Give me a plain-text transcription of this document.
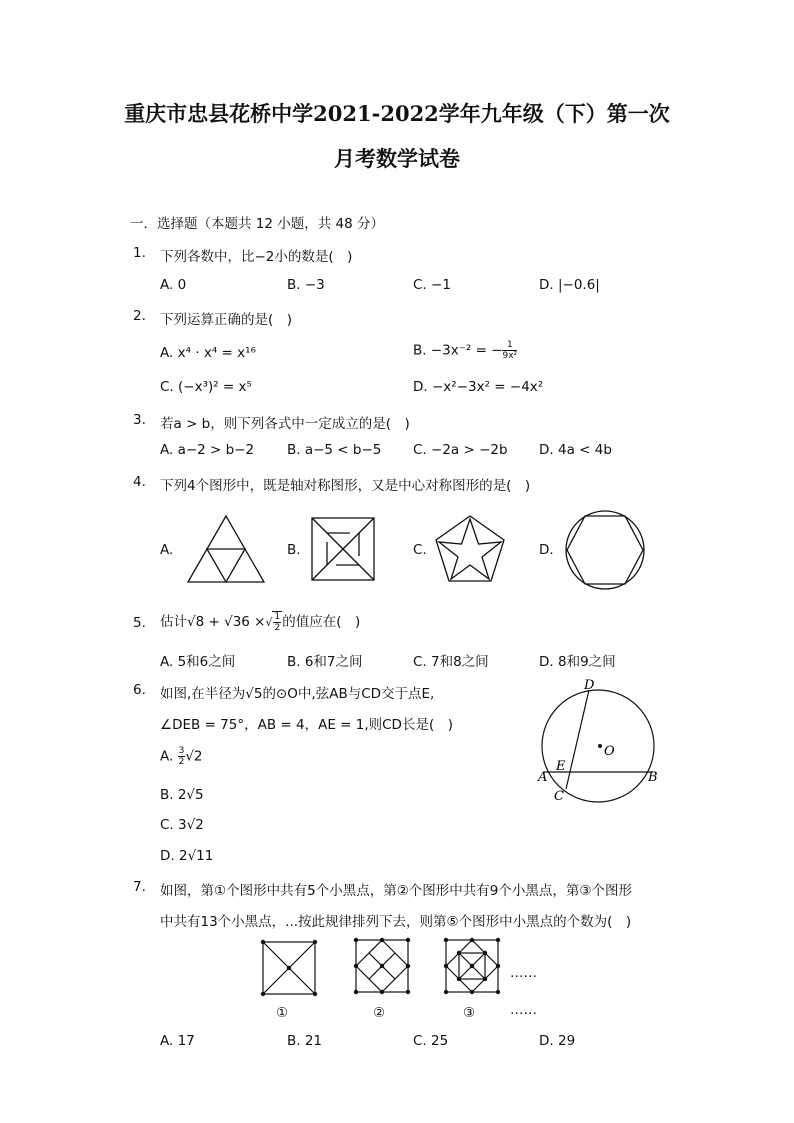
重庆市忠县花桥中学2021-2022学年九年级（下）第一次
月考数学试卷
一．选择题（本题共 12 小题，共 48 分）
1. 下列各数中，比−2小的数是(　)
A. 0	B. −3	C. −1	D. |−0.6|
2. 下列运算正确的是(　)
A. x⁴ · x⁴ = x¹⁶	B. −3x⁻² = − $\frac{1}{\text{9x²}}$
C. (−x³)² = x⁵	D. −x²−3x² = −4x²
3. 若a > b，则下列各式中一定成立的是(　)
A. a−2 > b−2 B. a−5 < b−5 C. −2a > −2b D. 4a < 4b
4. 下列4个图形中，既是轴对称图形，又是中心对称图形的是(　)
A.	B.	C.	D.
5. 估计√8 + √36 ×√ $\frac{1}{2}$ 的值应在(　)
A. 5和6之间	B. 6和7之间	C. 7和8之间	D. 8和9之间
6. 如图,在半径为√5的⊙O中,弦AB与CD交于点E,
∠DEB = 75°，AB = 4，AE = 1,则CD长是(　)
A. $\frac{3}{2} √2$
B. 2√5
C. 3√2
D. 2√11
D
O
A
E
B
C
7. 如图，第①个图形中共有5个小黑点，第②个图形中共有9个小黑点，第③个图形
中共有13个小黑点，...按此规律排列下去，则第⑤个图形中小黑点的个数为(　)
①	②	③
……
……
A. 17	B. 21	C. 25	D. 29
